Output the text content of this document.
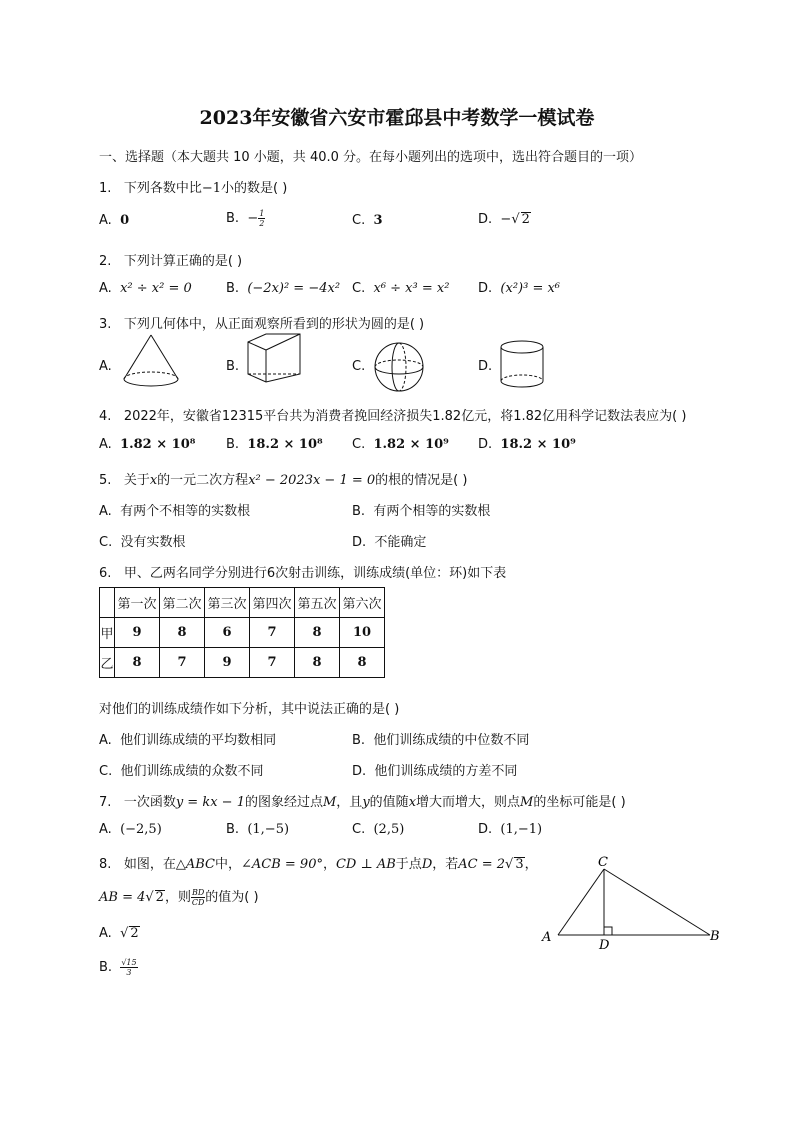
2023年安徽省六安市霍邱县中考数学一模试卷
一、选择题（本大题共 10 小题，共 40.0 分。在每小题列出的选项中，选出符合题目的一项）
1. 下列各数中比−1小的数是( )
A. 0	B. − $\frac{1}{2}$	C. 3	D. −√ 2
2. 下列计算正确的是( )
A. x² ÷ x² = 0	B. (−2x)² = −4x² C. x⁶ ÷ x³ = x² D. (x²)³ = x⁶
3. 下列几何体中，从正面观察所看到的形状为圆的是( )
A.	B.	C.	D.
4. 2022年，安徽省12315平台共为消费者挽回经济损失1.82亿元，将1.82亿用科学记数法表应为( )
A. 1.82 × 10⁸ B. 18.2 × 10⁸ C. 1.82 × 10⁹ D. 18.2 × 10⁹
5. 关于x的一元二次方程x² − 2023x − 1 = 0的根的情况是( )
A. 有两个不相等的实数根	B. 有两个相等的实数根
C. 没有实数根	D. 不能确定
6. 甲、乙两名同学分别进行6次射击训练，训练成绩(单位：环)如下表
	第一次	第二次	第三次	第四次	第五次	第六次
甲	9	8	6	7	8	10
乙	8	7	9	7	8	8
对他们的训练成绩作如下分析，其中说法正确的是( )
A. 他们训练成绩的平均数相同	B. 他们训练成绩的中位数不同
C. 他们训练成绩的众数不同	D. 他们训练成绩的方差不同
7. 一次函数y = kx − 1的图象经过点M，且y的值随x增大而增大，则点M的坐标可能是( )
A. (−2,5)	B. (1,−5)	C. (2,5)	D. (1,−1)
8. 如图，在△ABC中，∠ACB = 90°，CD ⊥ AB于点D，若AC = 2√ 3，
AB = 4√ 2，则 $\frac{BD}{CD}$ 的值为( )
A. √ 2
B. $\frac{√15}{3}$
A	B
C
D
